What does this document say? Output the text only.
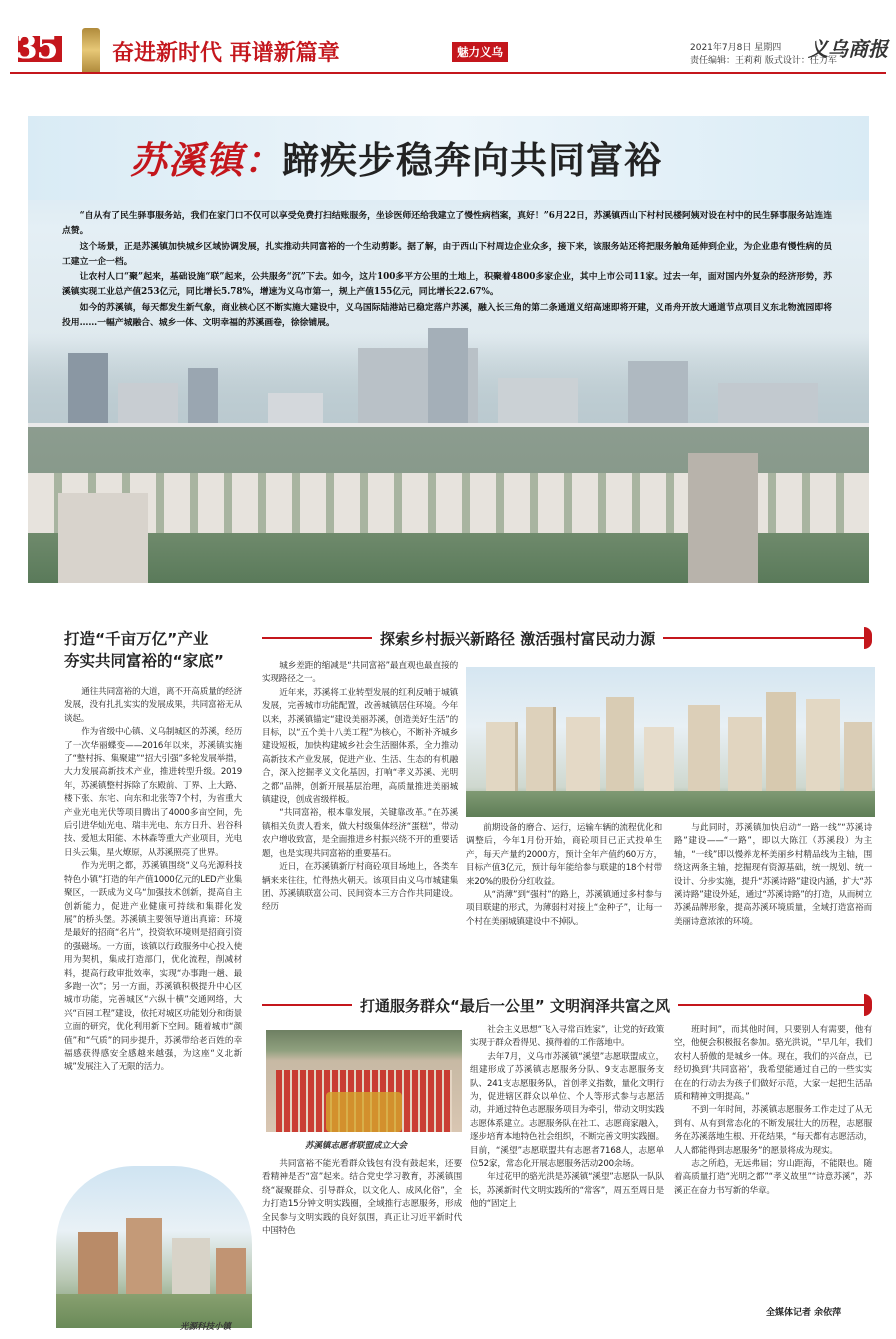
35 奋进新时代 再谱新篇章	魅力义乌	2021年7月8日 星期四
责任编辑：王莉莉 版式设计：任力军
义乌商报
苏溪镇：蹄疾步稳奔向共同富裕

“自从有了民生驿事服务站，我们在家门口不仅可以享受免费打扫结账服务，坐诊医师还给我建立了慢性病档案，真好！”6月22日，苏溪镇西山下村村民楼阿姨对设在村中的民生驿事服务站连连点赞。

这个场景，正是苏溪镇加快城乡区域协调发展，扎实推动共同富裕的一个生动剪影。据了解，由于西山下村周边企业众多，接下来，该服务站还将把服务触角延伸到企业，为企业患有慢性病的员工建立一企一档。

让农村人口“聚”起来，基础设施“联”起来，公共服务“沉”下去。如今，这片100多平方公里的土地上，积聚着4800多家企业，其中上市公司11家。过去一年，面对国内外复杂的经济形势，苏溪镇实现工业总产值253亿元，同比增长5.78%，增速为义乌市第一，规上产值155亿元，同比增长22.67%。

如今的苏溪镇，每天都发生新气象，商业核心区不断实施大建设中，义乌国际陆港站已稳定落户苏溪，融入长三角的第二条通道义绍高速即将开建，义甬舟开放大通道节点项目义东北物流园即将投用……一幅产城融合、城乡一体、文明幸福的苏溪画卷，徐徐铺展。

打造“千亩万亿”产业
夯实共同富裕的“家底”

通往共同富裕的大道，离不开高质量的经济发展，没有扎扎实实的发展成果，共同富裕无从谈起。

作为省级中心镇、义乌制城区的苏溪，经历了一次华丽蝶变——2016年以来，苏溪镇实施了“整村拆、集聚建”“招大引强”多轮发展举措，大力发展高新技术产业，推进转型升级。2019年，苏溪镇整村拆除了东殿前、丁界、上大路、楼下张、东宅、向东和北张等7个村，为省重大产业光电光伏等项目腾出了4000多亩空间，先后引进华灿光电、瑞丰光电、东方日升、岩谷科技、爱旭太阳能、木林森等重大产业项目，光电日头云集，星火燎原，从苏溪照亮了世界。

作为光明之都，苏溪镇围绕“义乌光源科技特色小镇”打造的年产值1000亿元的LED产业集聚区，一跃成为义乌“加强技术创新，提高自主创新能力，促进产业健康可持续和集群化发展”的桥头堡。苏溪镇主要领导道出真谛：环境是最好的招商“名片”，投资软环境则是招商引资的强磁场。一方面，该镇以行政服务中心投入使用为契机，集成打造部门，优化流程，削减材料，提高行政审批效率，实现“办事跑一趟、最多跑一次”；另一方面，苏溪镇积极提升中心区城市功能，完善城区“六纵十横”交通网络，大兴“百园工程”建设，依托对城区功能划分和街景立面的研究，优化利用新下空间。随着城市“颜值”和“气质”的同步提升，苏溪带给老百姓的幸福感获得感安全感越来越强，为这座“义北新城”发展注入了无限的活力。

探索乡村振兴新路径 激活强村富民动力源

城乡差距的缩减是“共同富裕”最直观也最直接的实现路径之一。

近年来，苏溪将工业转型发展的红利反哺于城镇发展，完善城市功能配置，改善城镇居住环境。今年以来，苏溪镇锚定“建设美丽苏溪，创造美好生活”的目标，以“五个美十八美工程”为核心，不断补齐城乡建设短板，加快构建城乡社会生活圈体系，全力推动高新技术产业发展，促进产业、生活、生态的有机融合，深入挖掘孝义文化基因，打响“孝义苏溪、光明之都”品牌，创新开展基层治理，高质量推进美丽城镇建设，创成省级样板。

“共同富裕，根本靠发展，关键靠改革。”在苏溪镇相关负责人看来，做大村级集体经济“蛋糕”，带动农户增收致富，是全面推进乡村振兴绕不开的重要话题，也是实现共同富裕的重要基石。

近日，在苏溪镇新厅村商砼项目场地上，各类车辆来来往往，忙得热火朝天。该项目由义乌市城建集团、苏溪镇联富公司、民间资本三方合作共同建设。经历

前期设备的磨合、运行，运输车辆的流程优化和调整后，今年1月份开始，商砼项目已正式投单生产，每天产量约2000方，预计全年产值约60万方，目标产值3亿元，预计每年能给参与联建的18个村带来20%的股份分红收益。

从“消薄”到“强村”的路上，苏溪镇通过多村参与项目联建的形式，为薄弱村对接上“金种子”，让每一个村在美丽城镇建设中不掉队。

与此同时，苏溪镇加快启动“一路一线”“苏溪诗路”建设——“一路”，即以大陈江（苏溪段）为主轴，“一线”即以慢养龙杯美丽乡村精品线为主轴，围绕这两条主轴，挖掘现有资源基础，统一规划、统一设计、分步实施，提升“苏溪诗路”建设内涵，扩大“苏溪诗路”建设外延，通过“苏溪诗路”的打造，从而树立苏溪品牌形象，提高苏溪环境质量，全域打造富裕而美丽诗意浓浓的环境。

打通服务群众“最后一公里” 文明润泽共富之风
苏溪镇志愿者联盟成立大会
光源科技小镇

共同富裕不能光看群众钱包有没有鼓起来，还要看精神是否“富”起来。结合党史学习教育，苏溪镇围绕“凝聚群众、引导群众，以文化人、成风化俗”，全力打造15分钟文明实践圈，全域推行志愿服务，形成全民参与文明实践的良好氛围，真正让习近平新时代中国特色

社会主义思想“飞入寻常百姓家”，让党的好政策实现于群众看得见、摸得着的工作落地中。

去年7月，义乌市苏溪镇“溪望”志愿联盟成立，组建形成了苏溪镇志愿服务分队、9支志愿服务支队、241支志愿服务队，首创孝义指数，量化文明行为，促进辖区群众以单位、个人等形式参与志愿活动，并通过特色志愿服务项目为牵引，带动文明实践志愿体系建立。志愿服务队在社工、志愿商家融入，逐步培育本地特色社会组织，不断完善文明实践圈。目前，“溪望”志愿联盟共有志愿者7168人，志愿单位52家，常态化开展志愿服务活动200余场。

年过花甲的骆光洪是苏溪镇“溪望”志愿队一队队长，苏溪新时代文明实践所的“常客”，周五至周日是他的“固定上

班时间”，而其他时间，只要别人有需要，他有空，他便会积极报名参加。骆光洪说，“早几年，我们农村人骄傲的是城乡一体。现在，我们的兴奋点，已经切换到‘共同富裕’，我希望能通过自己的一些实实在在的行动去为孩子们做好示范，大家一起把生活品质和精神文明提高。”

不到一年时间，苏溪镇志愿服务工作走过了从无到有、从有到常态化的不断发展壮大的历程，志愿服务在苏溪落地生根、开花结果，“每天都有志愿活动，人人都能得到志愿服务”的愿景将成为现实。

志之所趋，无远弗届；穷山距海，不能限也。随着高质量打造“光明之都”“孝义故里”“诗意苏溪”，苏溪正在奋力书写新的华章。

全媒体记者 余依萍
